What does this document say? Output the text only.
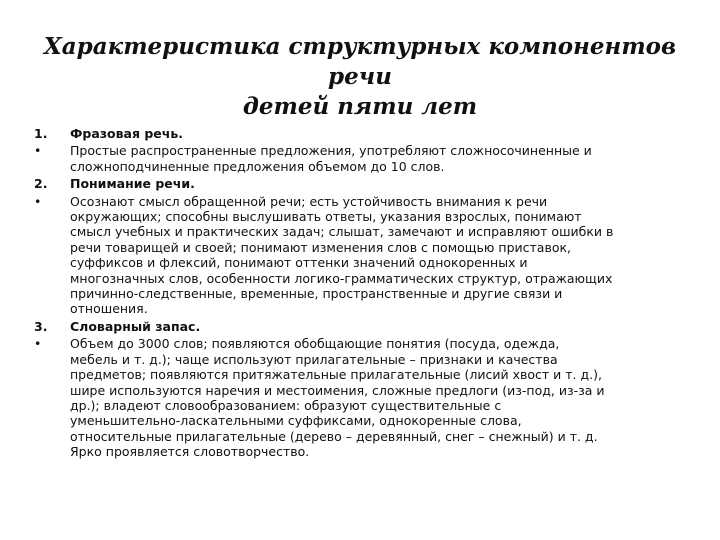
Характеристика структурных компонентов речи
детей пяти лет
1.	Фразовая речь.
•	Простые распространенные предложения, употребляют сложносочиненные и
сложноподчиненные предложения объемом до 10 слов.
2.	Понимание речи.
•	Осознают смысл обращенной речи; есть устойчивость внимания к речи
окружающих; способны выслушивать ответы, указания взрослых, понимают
смысл учебных и практических задач; слышат, замечают и исправляют ошибки в
речи товарищей и своей; понимают изменения слов с помощью приставок,
суффиксов и флексий, понимают оттенки значений однокоренных и
многозначных слов, особенности логико-грамматических структур, отражающих
причинно-следственные, временные, пространственные и другие связи и
отношения.
3.	Словарный запас.
•	Объем до 3000 слов; появляются обобщающие понятия (посуда, одежда,
мебель и т. д.); чаще используют прилагательные – признаки и качества
предметов; появляются притяжательные прилагательные (лисий хвост и т. д.),
шире используются наречия и местоимения, сложные предлоги (из-под, из-за и
др.); владеют словообразованием: образуют существительные с
уменьшительно-ласкательными суффиксами, однокоренные слова,
относительные прилагательные (дерево – деревянный, снег – снежный) и т. д.
Ярко проявляется словотворчество.
